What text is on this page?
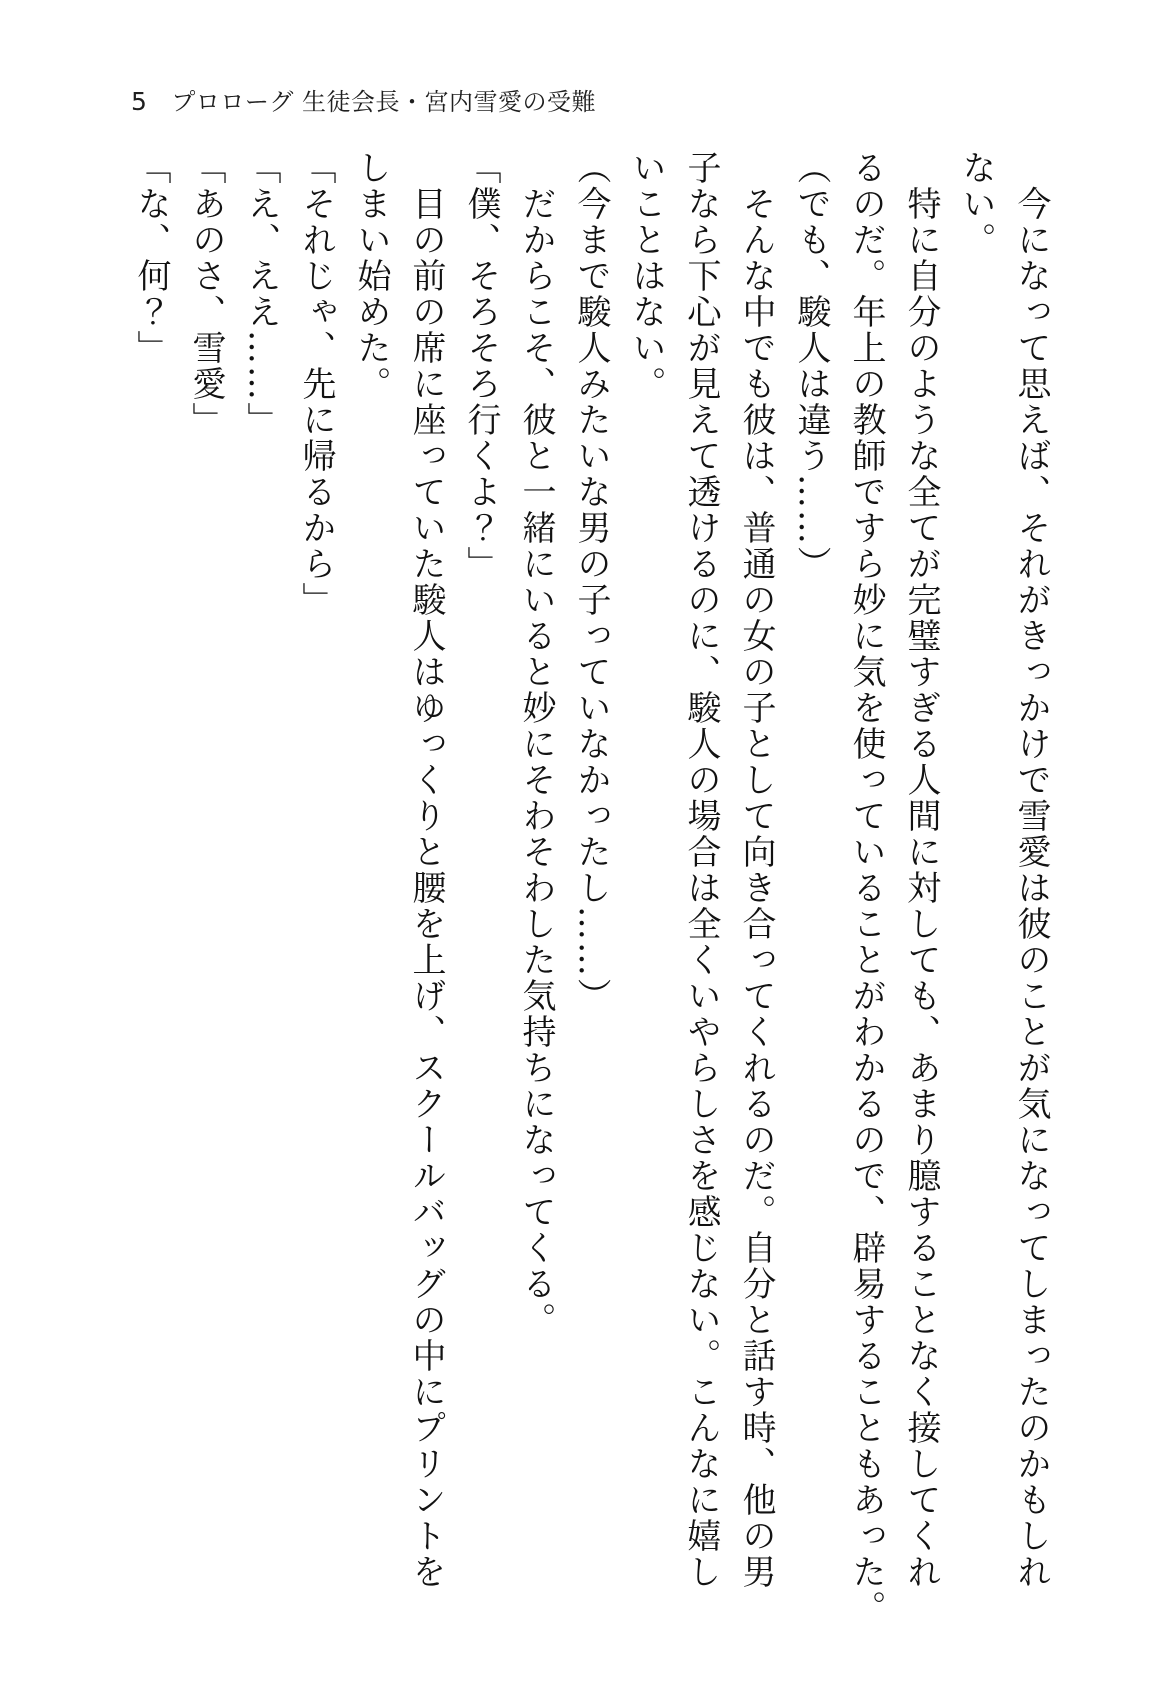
5 プロローグ 生徒会長・宮内雪愛の受難
　今になって思えば、それがきっかけで雪愛は彼のことが気になってしまったのかもしれ
ない。
　特に自分のような全てが完璧すぎる人間に対しても、あまり臆することなく接してくれ
るのだ。年上の教師ですら妙に気を使っていることがわかるので、辟易することもあった。
（でも、駿人は違う……）
　そんな中でも彼は、普通の女の子として向き合ってくれるのだ。自分と話す時、他の男
子なら下心が見えて透けるのに、駿人の場合は全くいやらしさを感じない。こんなに嬉し
いことはない。
（今まで駿人みたいな男の子っていなかったし……）
　だからこそ、彼と一緒にいると妙にそわそわした気持ちになってくる。
「僕、そろそろ行くよ？」
　目の前の席に座っていた駿人はゆっくりと腰を上げ、スクールバッグの中にプリントを
しまい始めた。
「それじゃ、先に帰るから」
「え、ええ……」
「あのさ、雪愛」
「な、何？」
